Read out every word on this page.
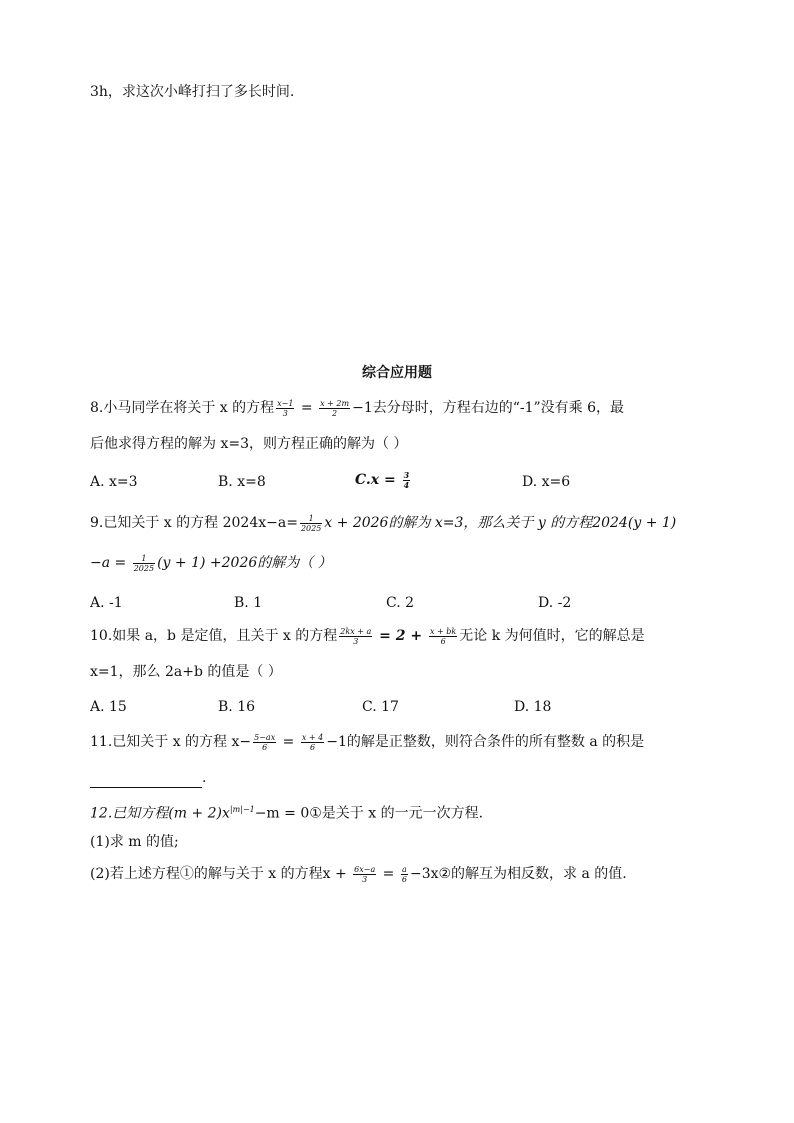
3h，求这次小峰打扫了多长时间.
综合应用题
8.小马同学在将关于 x 的方程 $\frac{x-1}{3} = \frac{x + 2m}{2} -1$去分母时，方程右边的“-1”没有乘 6，最
后他求得方程的解为 x=3，则方程正确的解为（ ）
A. x=3	B. x=8	$C.x = \frac{3}{4}$	D. x=6
9.已知关于 x 的方程 $2024x-a= \frac{1}{2025}$ x + 2026的解为 x=3，那么关于 y 的方程2024(y + 1)
$-a = \frac{1}{2025} (y + 1) +2026$的解为（ ）
A. -1	B. 1	C. 2	D. -2
10.如果 a，b 是定值，且关于 x 的方程 $\frac{2kx + a}{3} = 2 + \frac{x + bk}{6}$ 无论 k 为何值时，它的解总是
x=1，那么 2a+b 的值是（ ）
A. 15	B. 16	C. 17	D. 18
11.已知关于 x 的方程 $x- \frac{5-ax}{6} = \frac{x + 4}{6} -1$的解是正整数，则符合条件的所有整数 a 的积是
.
12.已知方程$(m + 2)x^{|m|-1}-m$ = 0①是关于 x 的一元一次方程.
(1)求 m 的值;
(2)若上述方程①的解与关于 x 的方程$x + \frac{6x-a}{3} = \frac{a}{6}$ −3x②的解互为相反数，求 a 的值.
